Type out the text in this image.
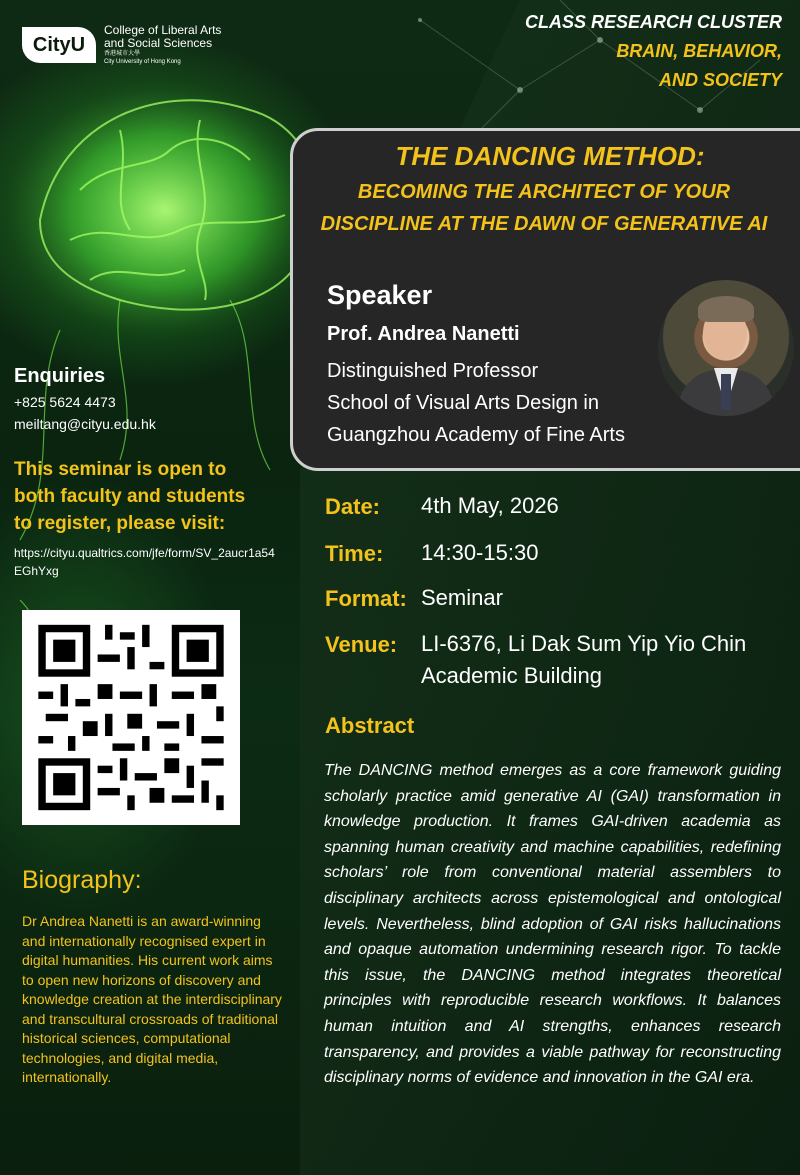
CityU
College of Liberal Arts
and Social Sciences
香港城市大學
City University of Hong Kong
CLASS RESEARCH CLUSTER
BRAIN, BEHAVIOR,
AND SOCIETY
THE DANCING METHOD:
BECOMING THE ARCHITECT OF YOUR
DISCIPLINE AT THE DAWN OF GENERATIVE AI
Speaker
Prof. Andrea Nanetti
Distinguished Professor
School of Visual Arts Design in
Guangzhou Academy of Fine Arts
Date: 4th May, 2026
Time: 14:30-15:30
Format: Seminar
Venue: LI-6376, Li Dak Sum Yip Yio Chin
Academic Building
Abstract
The DANCING method emerges as a core framework guiding scholarly practice amid generative AI (GAI) transformation in knowledge production. It frames GAI-driven academia as spanning human creativity and machine capabilities, redefining scholars’ role from conventional material assemblers to disciplinary architects across epistemological and ontological levels. Nevertheless, blind adoption of GAI risks hallucinations and opaque automation undermining research rigor. To tackle this issue, the DANCING method integrates theoretical principles with reproducible research workflows. It balances human intuition and AI strengths, enhances research transparency, and provides a viable pathway for reconstructing disciplinary norms of evidence and innovation in the GAI era.
Enquiries
+825 5624 4473
meiltang@cityu.edu.hk
This seminar is open to
both faculty and students
to register, please visit:
https://cityu.qualtrics.com/jfe/form/SV_2aucr1a54EGhYxg
Biography:
Dr Andrea Nanetti is an award-winning and internationally recognised expert in digital humanities. His current work aims to open new horizons of discovery and knowledge creation at the interdisciplinary and transcultural crossroads of traditional historical sciences, computational technologies, and digital media, internationally.
